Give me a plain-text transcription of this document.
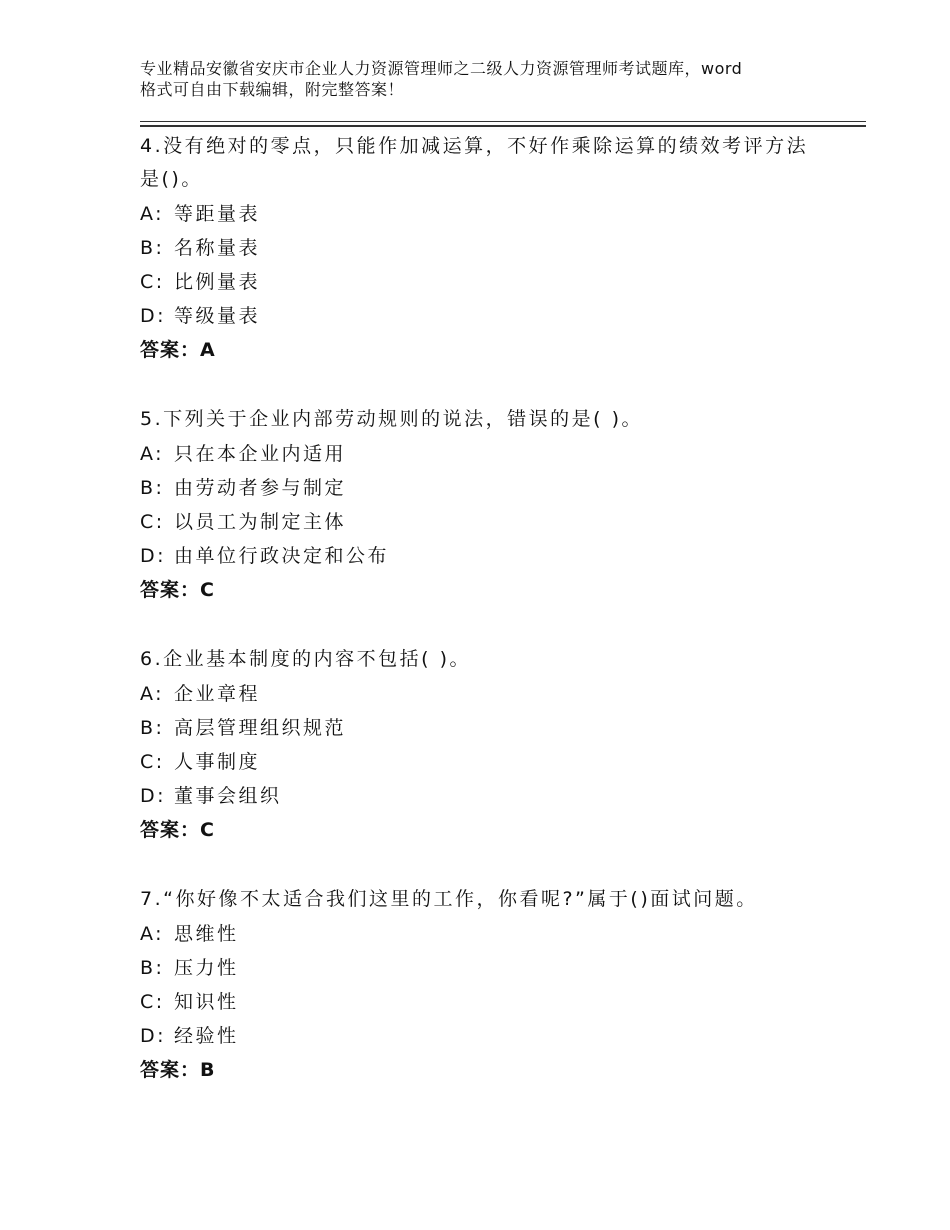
专业精品安徽省安庆市企业人力资源管理师之二级人力资源管理师考试题库，word
格式可自由下载编辑，附完整答案！
4.没有绝对的零点，只能作加减运算，不好作乘除运算的绩效考评方法是()。
A: 等距量表
B: 名称量表
C: 比例量表
D: 等级量表
答案：A
5.下列关于企业内部劳动规则的说法，错误的是( )。
A: 只在本企业内适用
B: 由劳动者参与制定
C: 以员工为制定主体
D: 由单位行政决定和公布
答案：C
6.企业基本制度的内容不包括( )。
A: 企业章程
B: 高层管理组织规范
C: 人事制度
D: 董事会组织
答案：C
7.“你好像不太适合我们这里的工作，你看呢?”属于()面试问题。
A: 思维性
B: 压力性
C: 知识性
D: 经验性
答案：B
